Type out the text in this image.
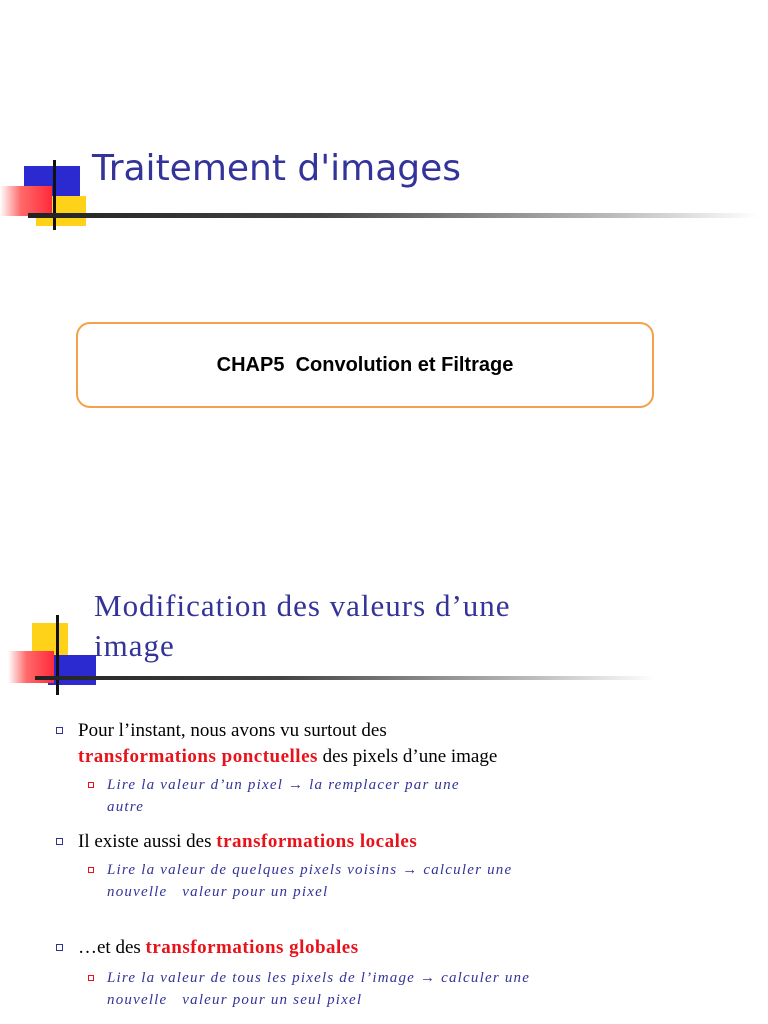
Traitement d'images
CHAP5  Convolution et Filtrage
Modification des valeurs d’une
image
Pour l’instant, nous avons vu surtout des
transformations ponctuelles des pixels d’une image
Lire la valeur d’un pixel → la remplacer par une
autre
Il existe aussi des transformations locales
Lire la valeur de quelques pixels voisins → calculer une
nouvelle   valeur pour un pixel
…et des transformations globales
Lire la valeur de tous les pixels de l’image → calculer une
nouvelle   valeur pour un seul pixel
